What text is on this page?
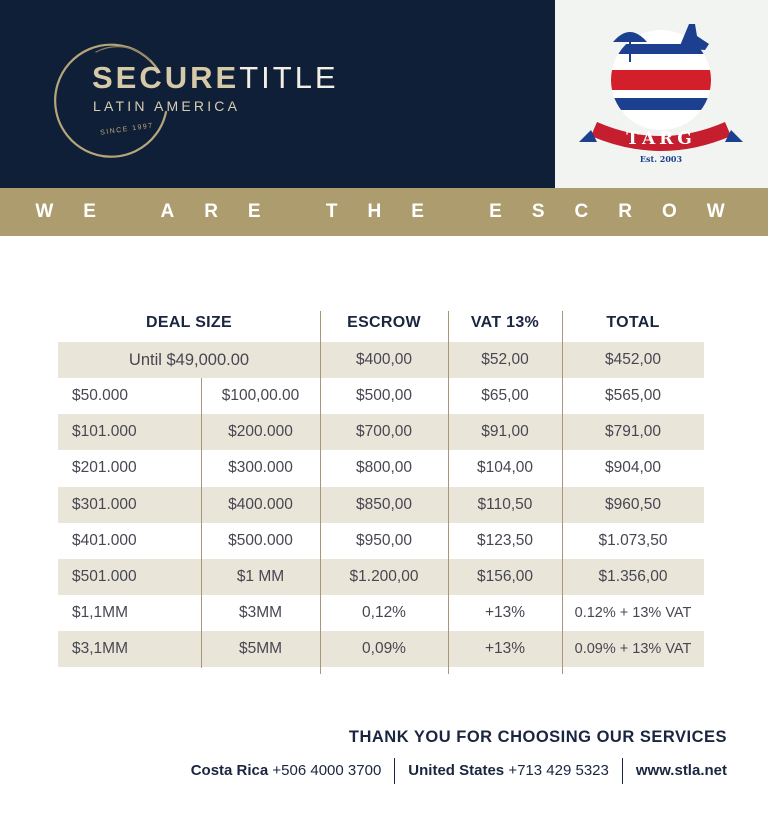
SECURETITLE
LATIN AMERICA
SINCE 1997	TARG
Est. 2003
WE ARE THE ESCROW
DEAL SIZE	ESCROW	VAT 13%	TOTAL
Until $49,000.00	$400,00	$52,00	$452,00
$50.000	$100,00.00	$500,00	$65,00	$565,00
$101.000	$200.000	$700,00	$91,00	$791,00
$201.000	$300.000	$800,00	$104,00	$904,00
$301.000	$400.000	$850,00	$110,50	$960,50
$401.000	$500.000	$950,00	$123,50	$1.073,50
$501.000	$1 MM	$1.200,00	$156,00	$1.356,00
$1,1MM	$3MM	0,12%	+13%	0.12% + 13% VAT
$3,1MM	$5MM	0,09%	+13%	0.09% + 13% VAT
THANK YOU FOR CHOOSING OUR SERVICES
Costa Rica +506 4000 3700 United States +713 429 5323 www.stla.net
